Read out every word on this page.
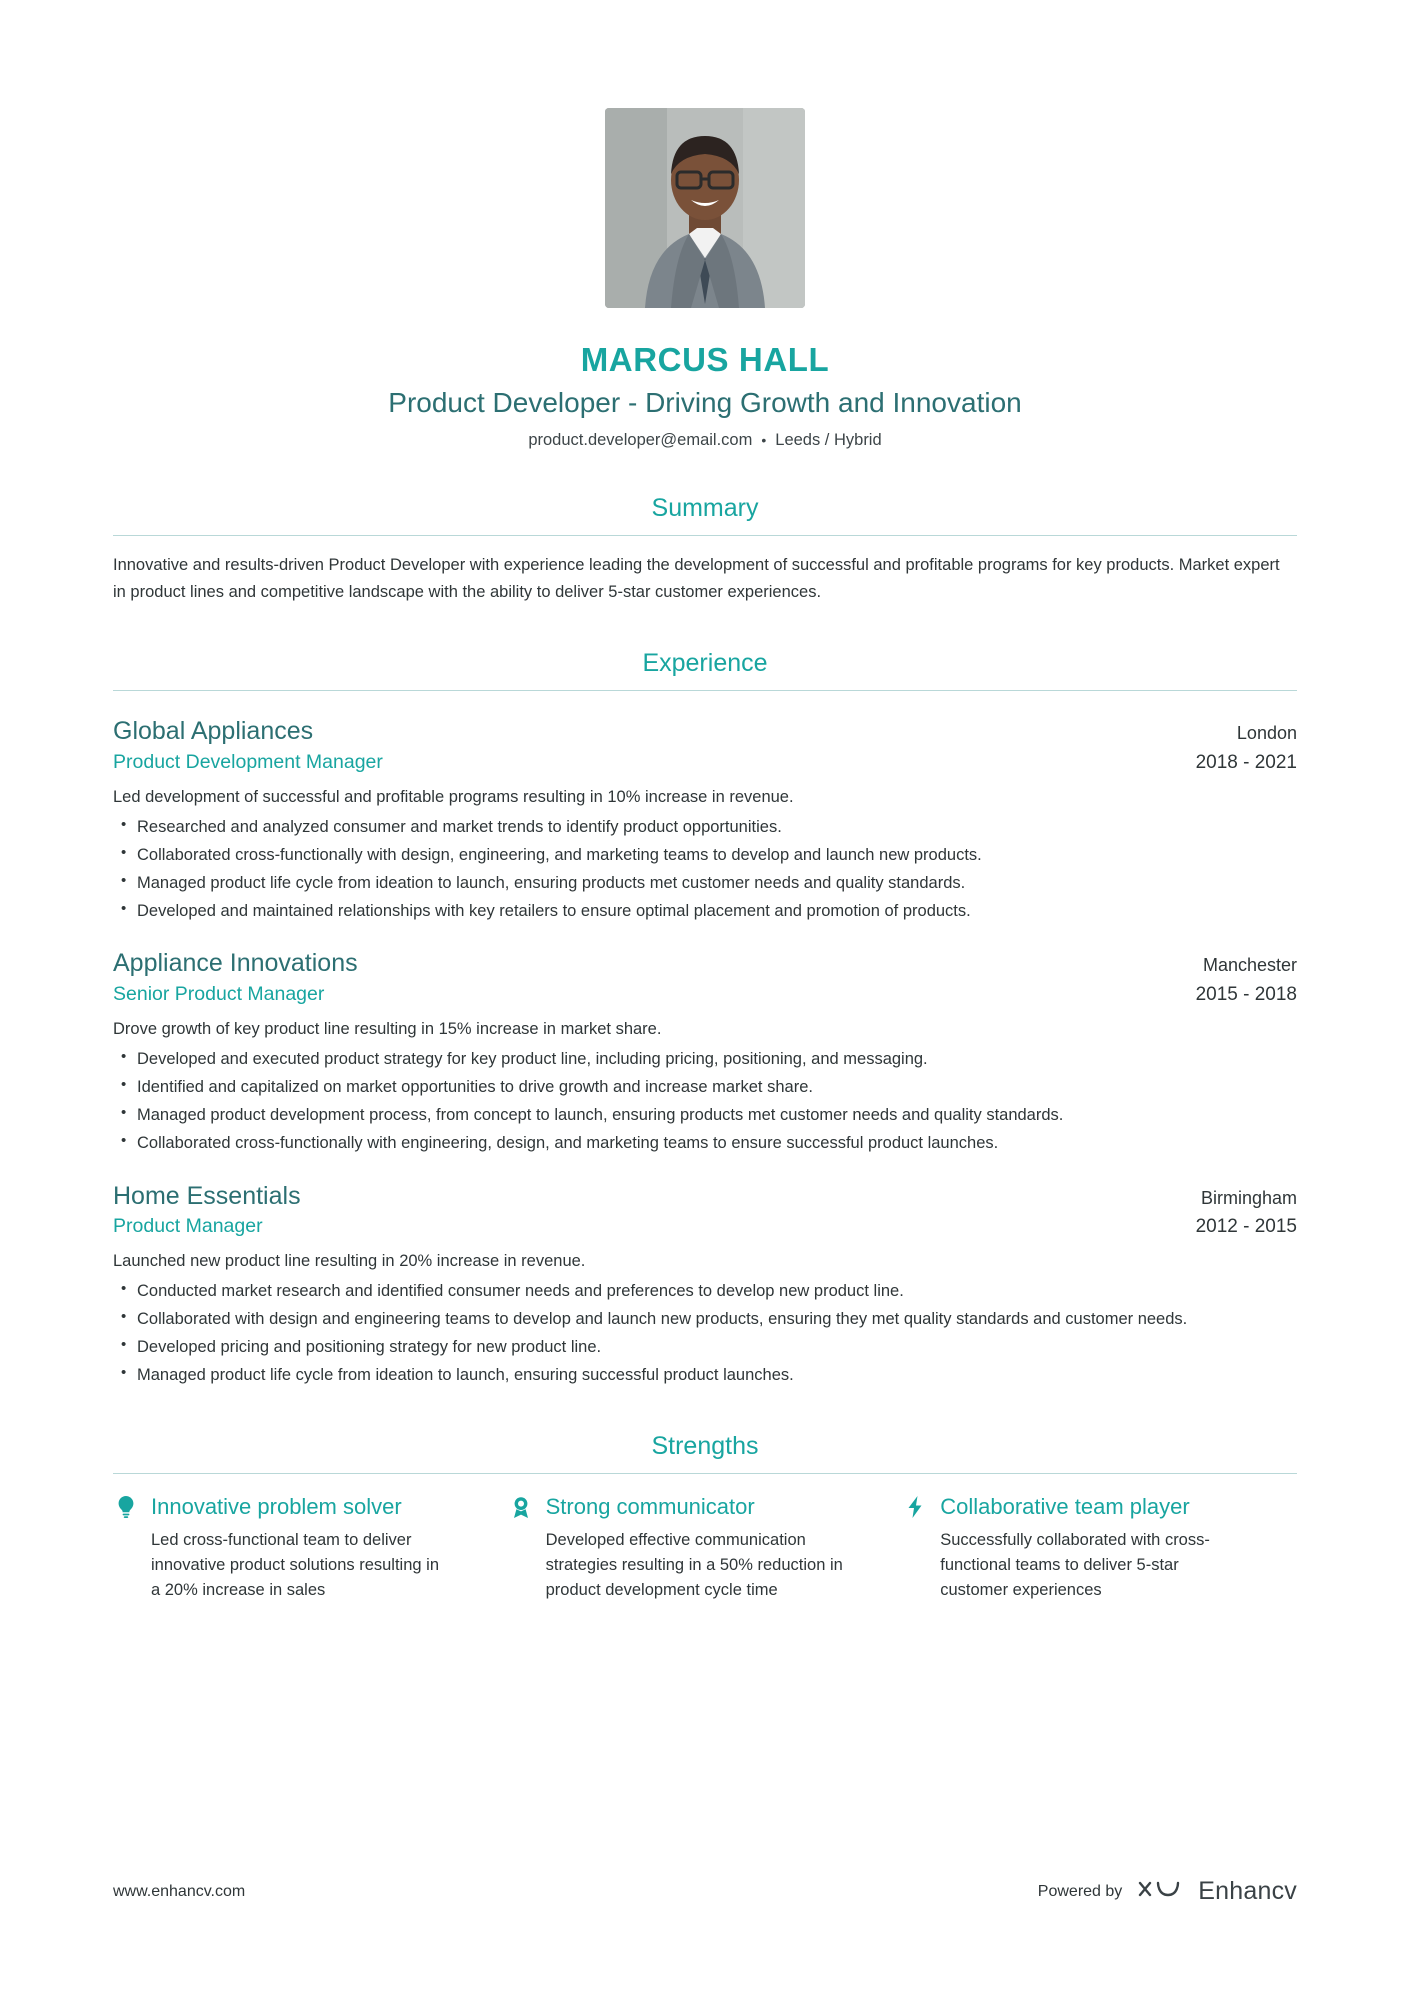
MARCUS HALL
Product Developer - Driving Growth and Innovation
product.developer@email.com • Leeds / Hybrid
Summary
Innovative and results-driven Product Developer with experience leading the development of successful and profitable programs for key products. Market expert in product lines and competitive landscape with the ability to deliver 5-star customer experiences.
Experience
Global Appliances	London
Product Development Manager	2018 - 2021
Led development of successful and profitable programs resulting in 10% increase in revenue.
• Researched and analyzed consumer and market trends to identify product opportunities.
• Collaborated cross-functionally with design, engineering, and marketing teams to develop and launch new products.
• Managed product life cycle from ideation to launch, ensuring products met customer needs and quality standards.
• Developed and maintained relationships with key retailers to ensure optimal placement and promotion of products.
Appliance Innovations	Manchester
Senior Product Manager	2015 - 2018
Drove growth of key product line resulting in 15% increase in market share.
• Developed and executed product strategy for key product line, including pricing, positioning, and messaging.
• Identified and capitalized on market opportunities to drive growth and increase market share.
• Managed product development process, from concept to launch, ensuring products met customer needs and quality standards.
• Collaborated cross-functionally with engineering, design, and marketing teams to ensure successful product launches.
Home Essentials	Birmingham
Product Manager	2012 - 2015
Launched new product line resulting in 20% increase in revenue.
• Conducted market research and identified consumer needs and preferences to develop new product line.
• Collaborated with design and engineering teams to develop and launch new products, ensuring they met quality standards and customer needs.
• Developed pricing and positioning strategy for new product line.
• Managed product life cycle from ideation to launch, ensuring successful product launches.
Strengths
Innovative problem solver
Led cross-functional team to deliver innovative product solutions resulting in a 20% increase in sales
Strong communicator
Developed effective communication strategies resulting in a 50% reduction in product development cycle time
Collaborative team player
Successfully collaborated with cross-functional teams to deliver 5-star customer experiences
www.enhancv.com	Powered by	Enhancv
